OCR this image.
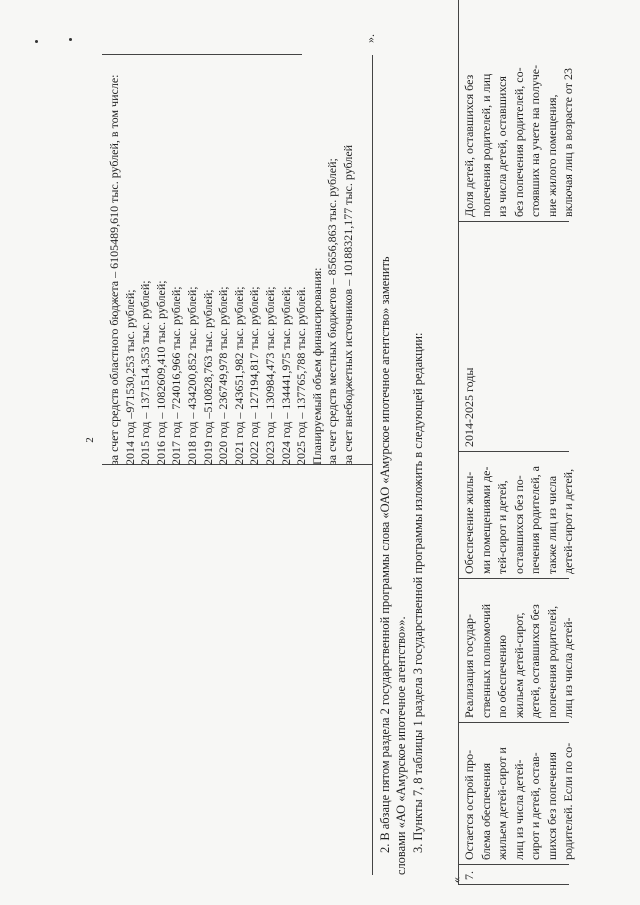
2 за счет средств областного бюджета – 6105489,610 тыс. рублей, в том числе: 2014 год –971530,253 тыс. рублей; 2015 год – 1371514,353 тыс. рублей; 2016 год – 1082609,410 тыс. рублей; 2017 год – 724016,966 тыс. рублей; 2018 год – 434200,852 тыс. рублей; 2019 год –510828,763 тыс. рублей; 2020 год – 236749,978 тыс. рублей; 2021 год – 243651,982 тыс. рублей; 2022 год – 127194,817 тыс. рублей; 2023 год – 130984,473 тыс. рублей; 2024 год – 134441,975 тыс. рублей; 2025 год – 137765,788 тыс. рублей. Планируемый объем финансирования: за счет средств местных бюджетов – 85656,863 тыс. рублей; за счет внебюджетных источников – 10188321,177 тыс. рублей
».
2. В абзаце пятом раздела 2 государственной программы слова «ОАО «Амурское ипотечное агентство» заменить словами «АО «Амурское ипотечное агентство»». 3. Пункты 7, 8 таблицы 1 раздела 3 государственной программы изложить в следующей редакции:
« 7.
Остается острой про- блема обеспечения жильем детей-сирот и лиц из числа детей- сирот и детей, остав- шихся без попечения родителей. Если по со-
Реализация государ- ственных полномочий по обеспечению жильем детей-сирот, детей, оставшихся без попечения родителей, лиц из числа детей-
Обеспечение жилы- ми помещениями де- тей-сирот и детей, оставшихся без по- печения родителей, а также лиц из числа детей-сирот и детей,
2014-2025 годы
Доля детей, оставшихся без попечения родителей, и лиц из числа детей, оставшихся без попечения родителей, со- стоявших на учете на получе- ние жилого помещения, включая лиц в возрасте от 23
